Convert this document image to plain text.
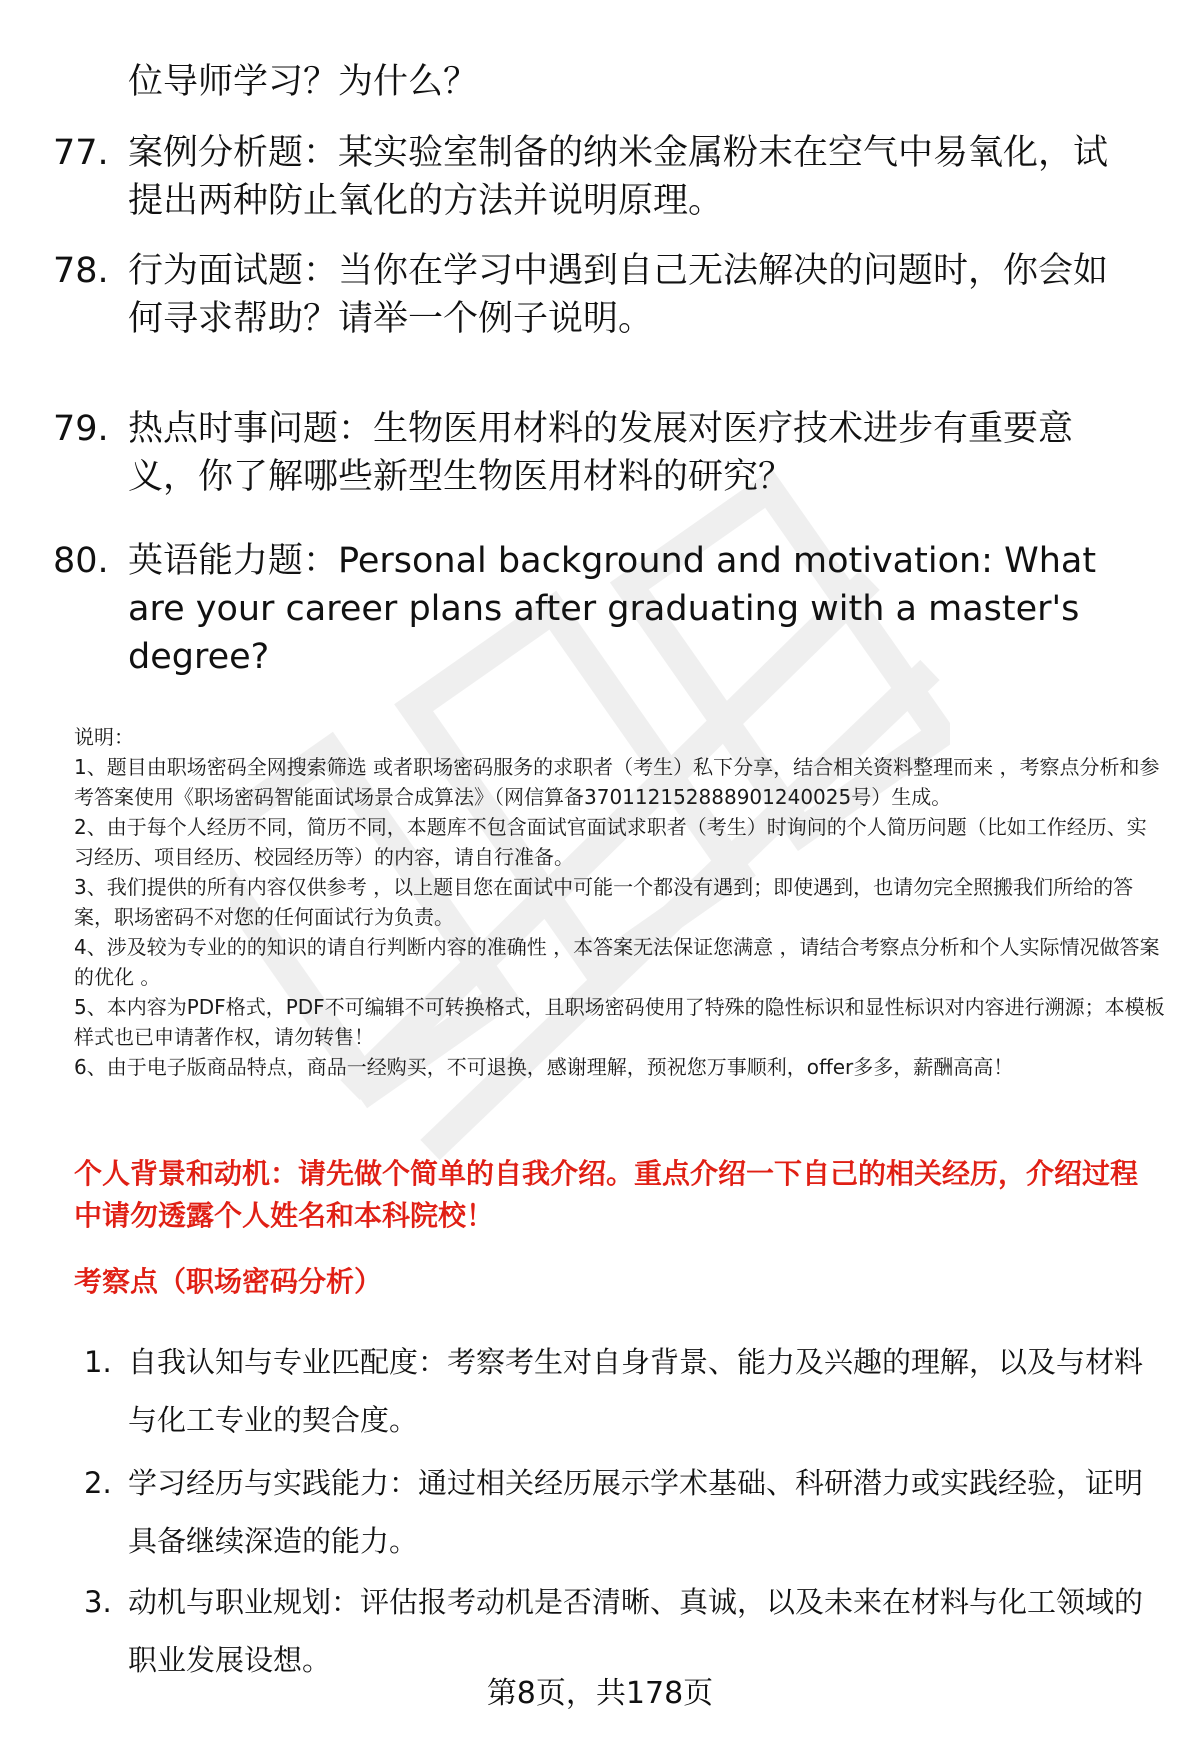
位导师学习？为什么？
77. 案例分析题：某实验室制备的纳米金属粉末在空气中易氧化，试提出两种防止氧化的方法并说明原理。
78. 行为面试题：当你在学习中遇到自己无法解决的问题时，你会如何寻求帮助？请举一个例子说明。
79. 热点时事问题：生物医用材料的发展对医疗技术进步有重要意义，你了解哪些新型生物医用材料的研究？
80. 英语能力题：Personal background and motivation: What are your career plans after graduating with a master's degree?

说明：

1、题目由职场密码全网搜索筛选 或者职场密码服务的求职者（考生）私下分享，结合相关资料整理而来 ，考察点分析和参考答案使用《职场密码智能面试场景合成算法》（网信算备370112152888901240025号）生成。

2、由于每个人经历不同，简历不同，本题库不包含面试官面试求职者（考生）时询问的个人简历问题（比如工作经历、实习经历、项目经历、校园经历等）的内容，请自行准备。

3、我们提供的所有内容仅供参考 ，以上题目您在面试中可能一个都没有遇到；即使遇到，也请勿完全照搬我们所给的答案，职场密码不对您的任何面试行为负责。

4、涉及较为专业的的知识的请自行判断内容的准确性 ，本答案无法保证您满意 ，请结合考察点分析和个人实际情况做答案的优化 。

5、本内容为PDF格式，PDF不可编辑不可转换格式，且职场密码使用了特殊的隐性标识和显性标识对内容进行溯源；本模板样式也已申请著作权，请勿转售！

6、由于电子版商品特点，商品一经购买，不可退换，感谢理解，预祝您万事顺利，offer多多，薪酬高高！

个人背景和动机：请先做个简单的自我介绍。重点介绍一下自己的相关经历，介绍过程中请勿透露个人姓名和本科院校！
考察点（职场密码分析）
1. 自我认知与专业匹配度：考察考生对自身背景、能力及兴趣的理解，以及与材料与化工专业的契合度。
2. 学习经历与实践能力：通过相关经历展示学术基础、科研潜力或实践经验，证明具备继续深造的能力。
3. 动机与职业规划：评估报考动机是否清晰、真诚，以及未来在材料与化工领域的职业发展设想。
第8页，共178页
